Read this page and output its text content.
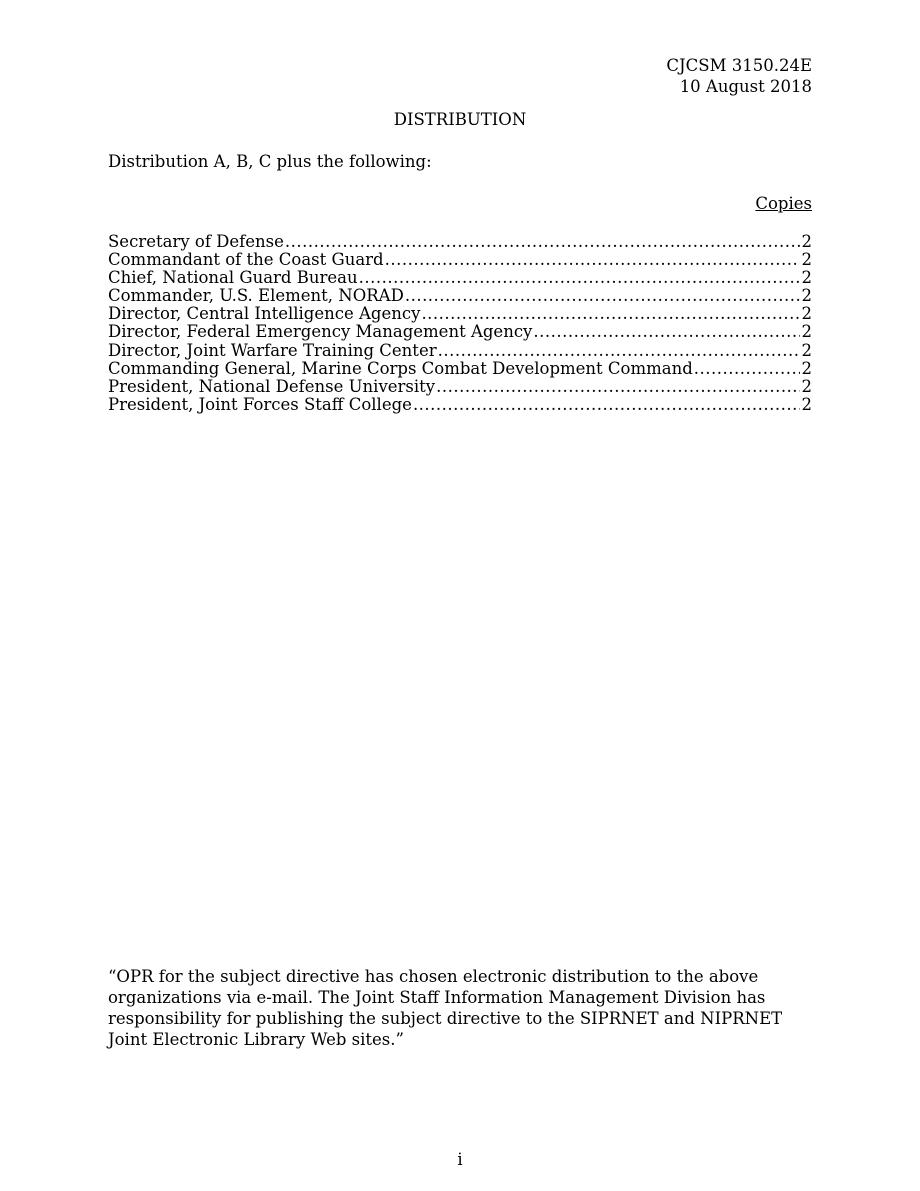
CJCSM 3150.24E
10 August 2018
DISTRIBUTION
Distribution A, B, C plus the following:
Copies
Secretary of Defense .....	2
Commandant of the Coast Guard .....	2
Chief, National Guard Bureau .....	2
Commander, U.S. Element, NORAD .....	2
Director, Central Intelligence Agency .....	2
Director, Federal Emergency Management Agency .....	2
Director, Joint Warfare Training Center .....	2
Commanding General, Marine Corps Combat Development Command .....	2
President, National Defense University .....	2
President, Joint Forces Staff College .....	2
“OPR for the subject directive has chosen electronic distribution to the above organizations via e-mail. The Joint Staff Information Management Division has responsibility for publishing the subject directive to the SIPRNET and NIPRNET Joint Electronic Library Web sites.”
i
